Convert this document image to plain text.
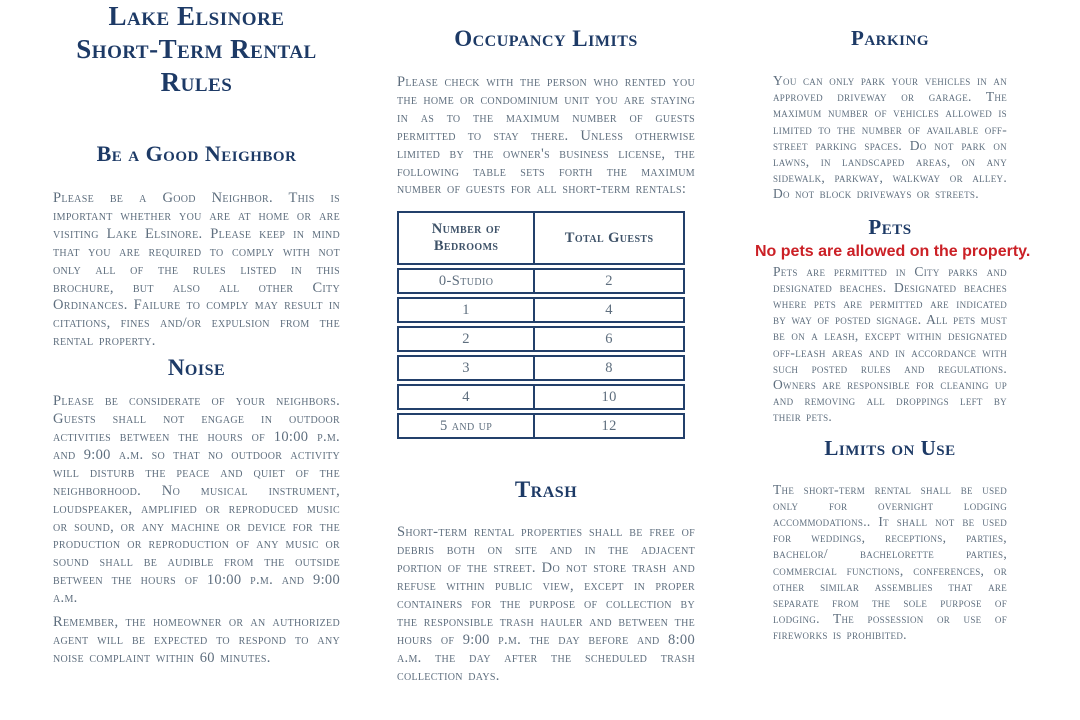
Lake Elsinore
Short-Term Rental
Rules
Be a Good Neighbor

Please be a Good Neighbor. This is important whether you are at home or are visiting Lake Elsinore. Please keep in mind that you are required to comply with not only all of the rules listed in this brochure, but also all other City Ordinances. Failure to comply may result in citations, fines and/or expulsion from the rental property.

Noise

Please be considerate of your neighbors. Guests shall not engage in outdoor activities between the hours of 10:00 p.m. and 9:00 a.m. so that no outdoor activity will disturb the peace and quiet of the neighborhood. No musical instrument, loudspeaker, amplified or reproduced music or sound, or any machine or device for the production or reproduction of any music or sound shall be audible from the outside between the hours of 10:00 p.m. and 9:00 a.m.

Remember, the homeowner or an authorized agent will be expected to respond to any noise complaint within 60 minutes.

Occupancy Limits

Please check with the person who rented you the home or condominium unit you are staying in as to the maximum number of guests permitted to stay there. Unless otherwise limited by the owner's business license, the following table sets forth the maximum number of guests for all short-term rentals:

Number of Bedrooms	Total Guests
0-Studio	2
1	4
2	6
3	8
4	10
5 and up	12
Trash

Short-term rental properties shall be free of debris both on site and in the adjacent portion of the street. Do not store trash and refuse within public view, except in proper containers for the purpose of collection by the responsible trash hauler and between the hours of 9:00 p.m. the day before and 8:00 a.m. the day after the scheduled trash collection days.

Parking

You can only park your vehicles in an approved driveway or garage. The maximum number of vehicles allowed is limited to the number of available off-street parking spaces. Do not park on lawns, in landscaped areas, on any sidewalk, parkway, walkway or alley. Do not block driveways or streets.

Pets
No pets are allowed on the property.

Pets are permitted in City parks and designated beaches. Designated beaches where pets are permitted are indicated by way of posted signage. All pets must be on a leash, except within designated off-leash areas and in accordance with such posted rules and regulations. Owners are responsible for cleaning up and removing all droppings left by their pets.

Limits on Use

The short-term rental shall be used only for overnight lodging accommodations.. It shall not be used for weddings, receptions, parties, bachelor/ bachelorette parties, commercial functions, conferences, or other similar assemblies that are separate from the sole purpose of lodging. The possession or use of fireworks is prohibited.
